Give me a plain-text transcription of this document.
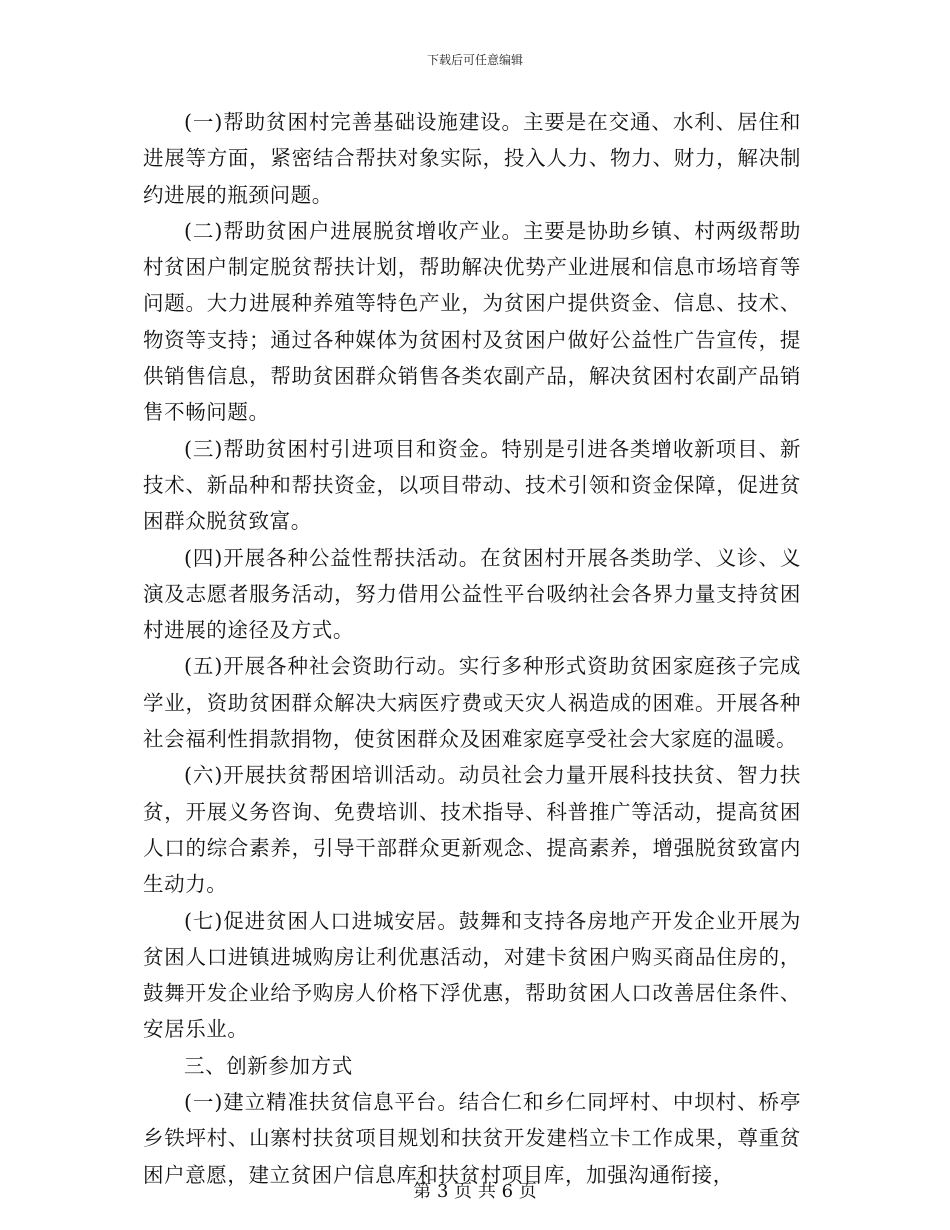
下载后可任意编辑

(一)帮助贫困村完善基础设施建设。主要是在交通、水利、居住和进展等方面，紧密结合帮扶对象实际，投入人力、物力、财力，解决制约进展的瓶颈问题。

(二)帮助贫困户进展脱贫增收产业。主要是协助乡镇、村两级帮助村贫困户制定脱贫帮扶计划，帮助解决优势产业进展和信息市场培育等问题。大力进展种养殖等特色产业，为贫困户提供资金、信息、技术、物资等支持；通过各种媒体为贫困村及贫困户做好公益性广告宣传，提供销售信息，帮助贫困群众销售各类农副产品，解决贫困村农副产品销售不畅问题。

(三)帮助贫困村引进项目和资金。特别是引进各类增收新项目、新技术、新品种和帮扶资金，以项目带动、技术引领和资金保障，促进贫困群众脱贫致富。

(四)开展各种公益性帮扶活动。在贫困村开展各类助学、义诊、义演及志愿者服务活动，努力借用公益性平台吸纳社会各界力量支持贫困村进展的途径及方式。

(五)开展各种社会资助行动。实行多种形式资助贫困家庭孩子完成学业，资助贫困群众解决大病医疗费或天灾人祸造成的困难。开展各种社会福利性捐款捐物，使贫困群众及困难家庭享受社会大家庭的温暖。

(六)开展扶贫帮困培训活动。动员社会力量开展科技扶贫、智力扶贫，开展义务咨询、免费培训、技术指导、科普推广等活动，提高贫困人口的综合素养，引导干部群众更新观念、提高素养，增强脱贫致富内生动力。

(七)促进贫困人口进城安居。鼓舞和支持各房地产开发企业开展为贫困人口进镇进城购房让利优惠活动，对建卡贫困户购买商品住房的，鼓舞开发企业给予购房人价格下浮优惠，帮助贫困人口改善居住条件、安居乐业。

三、创新参加方式

(一)建立精准扶贫信息平台。结合仁和乡仁同坪村、中坝村、桥亭乡铁坪村、山寨村扶贫项目规划和扶贫开发建档立卡工作成果，尊重贫困户意愿，建立贫困户信息库和扶贫村项目库，加强沟通衔接，

第 3 页 共 6 页
